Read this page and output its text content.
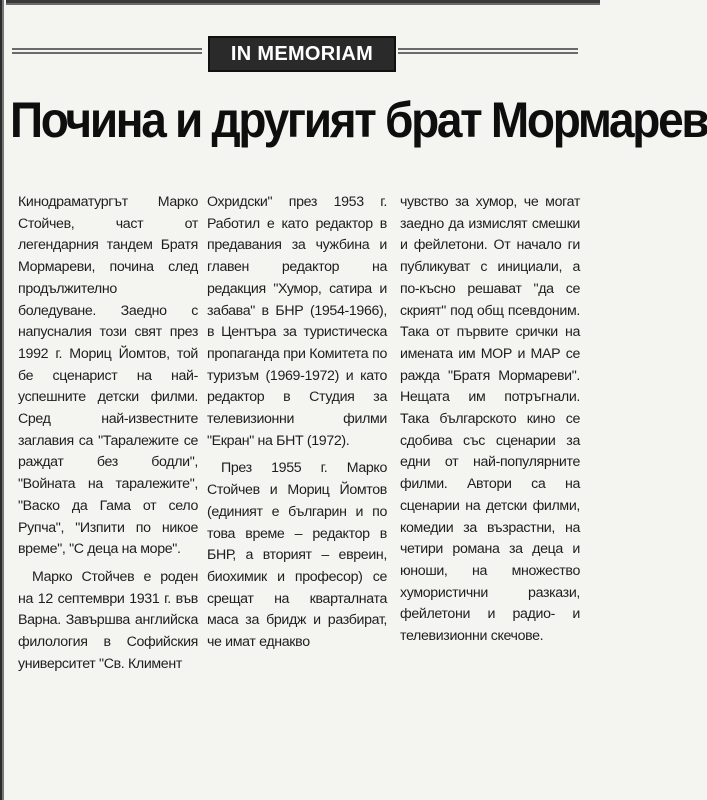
IN MEMORIAM
Почина и другият брат Мормарев

Кинодраматургът Марко Стойчев, част от легендарния тандем Братя Мормареви, почина след продължително боледуване. Заедно с напусналия този свят през 1992 г. Мориц Йомтов, той бе сценарист на най-успешните детски филми. Сред най-известните заглавия са "Таралежите се раждат без бодли", "Войната на таралежите", "Васко да Гама от село Рупча", "Изпити по никое време", "С деца на море".

Марко Стойчев е роден на 12 септември 1931 г. във Варна. Завършва английска филология в Софийския университет "Св. Климент

Охридски" през 1953 г. Работил е като редактор в предавания за чужбина и главен редактор на редакция "Хумор, сатира и забава" в БНР (1954-1966), в Центъра за туристическа пропаганда при Комитета по туризъм (1969-1972) и като редактор в Студия за телевизионни филми "Екран" на БНТ (1972).

През 1955 г. Марко Стойчев и Мориц Йомтов (единият е българин и по това време – редактор в БНР, а вторият – евреин, биохимик и професор) се срещат на кварталната маса за бридж и разбират, че имат еднакво

чувство за хумор, че могат заедно да измислят смешки и фейлетони. От начало ги публикуват с инициали, а по-късно решават "да се скрият" под общ псевдоним. Така от първите срички на имената им МОР и МАР се ражда "Братя Мормареви". Нещата им потръгнали. Така българското кино се сдобива със сценарии за едни от най-популярните филми. Автори са на сценарии на детски филми, комедии за възрастни, на четири романа за деца и юноши, на множество хумористични разкази, фейлетони и радио- и телевизионни скечове.
